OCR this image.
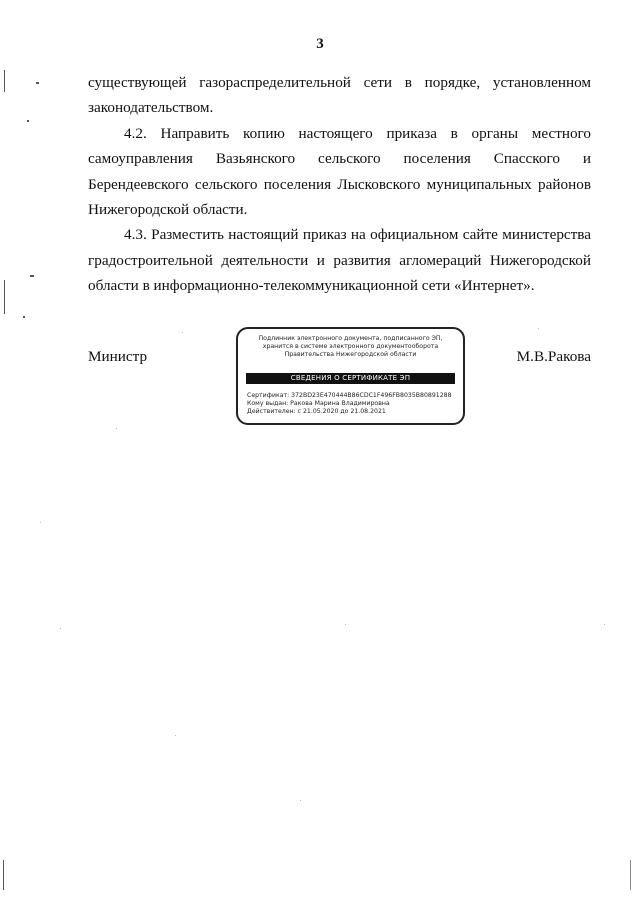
3

существующей газораспределительной сети в порядке, установленном законодательством.

4.2. Направить копию настоящего приказа в органы местного самоуправления Вазьянского сельского поселения Спасского и Берендеевского сельского поселения Лысковского муниципальных районов Нижегородской области.

4.3. Разместить настоящий приказ на официальном сайте министерства градостроительной деятельности и развития агломераций Нижегородской области в информационно-телекоммуникационной сети «Интернет».

Министр	М.В.Ракова
Подлинник электронного документа, подписанного ЭП,
хранится в системе электронного документооборота
Правительства Нижегородской области
СВЕДЕНИЯ О СЕРТИФИКАТЕ ЭП
Сертификат: 372BD23E470444B86CDC1F496FB8035B80891288
Кому выдан: Ракова Марина Владимировна
Действителен: с 21.05.2020 до 21.08.2021
